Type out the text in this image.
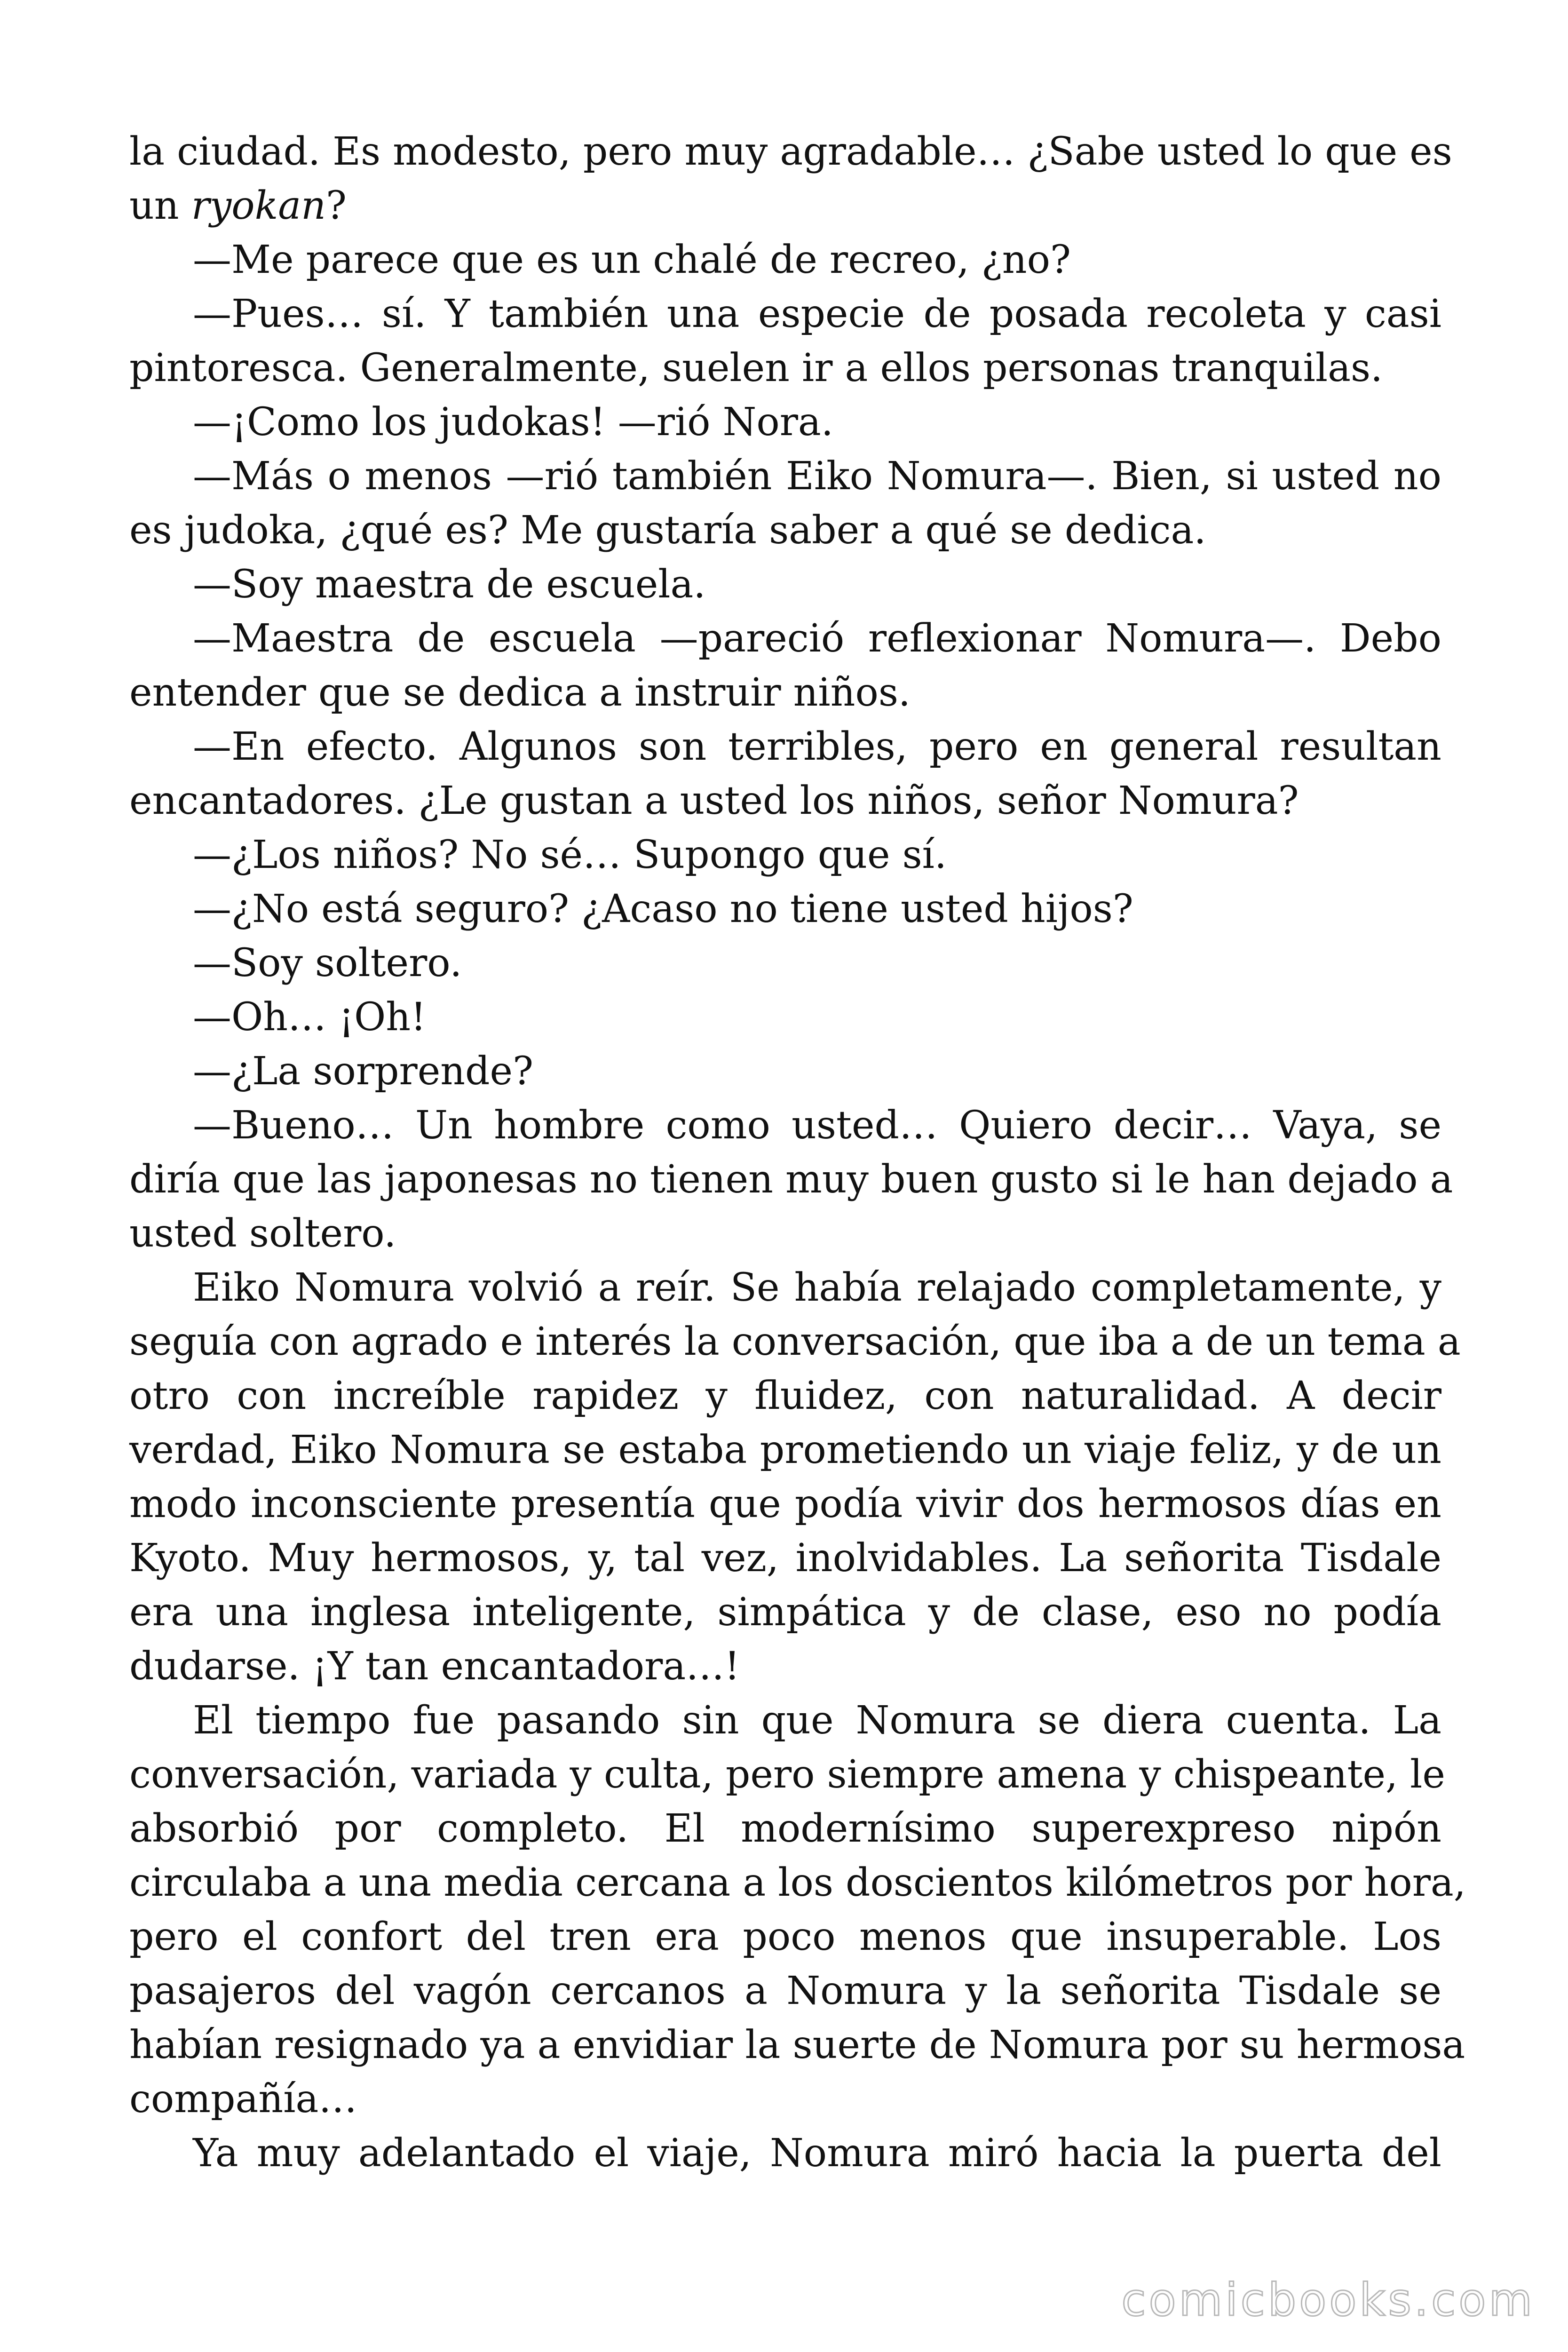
la ciudad. Es modesto, pero muy agradable… ¿Sabe usted lo que es
un ryokan?
—Me parece que es un chalé de recreo, ¿no?
—Pues… sí. Y también una especie de posada recoleta y casi
pintoresca. Generalmente, suelen ir a ellos personas tranquilas.
—¡Como los judokas! —rió Nora.
—Más o menos —rió también Eiko Nomura—. Bien, si usted no
es judoka, ¿qué es? Me gustaría saber a qué se dedica.
—Soy maestra de escuela.
—Maestra de escuela —pareció reflexionar Nomura—. Debo
entender que se dedica a instruir niños.
—En efecto. Algunos son terribles, pero en general resultan
encantadores. ¿Le gustan a usted los niños, señor Nomura?
—¿Los niños? No sé… Supongo que sí.
—¿No está seguro? ¿Acaso no tiene usted hijos?
—Soy soltero.
—Oh… ¡Oh!
—¿La sorprende?
—Bueno… Un hombre como usted… Quiero decir… Vaya, se
diría que las japonesas no tienen muy buen gusto si le han dejado a
usted soltero.
Eiko Nomura volvió a reír. Se había relajado completamente, y
seguía con agrado e interés la conversación, que iba a de un tema a
otro con increíble rapidez y fluidez, con naturalidad. A decir
verdad, Eiko Nomura se estaba prometiendo un viaje feliz, y de un
modo inconsciente presentía que podía vivir dos hermosos días en
Kyoto. Muy hermosos, y, tal vez, inolvidables. La señorita Tisdale
era una inglesa inteligente, simpática y de clase, eso no podía
dudarse. ¡Y tan encantadora…!
El tiempo fue pasando sin que Nomura se diera cuenta. La
conversación, variada y culta, pero siempre amena y chispeante, le
absorbió por completo. El modernísimo superexpreso nipón
circulaba a una media cercana a los doscientos kilómetros por hora,
pero el confort del tren era poco menos que insuperable. Los
pasajeros del vagón cercanos a Nomura y la señorita Tisdale se
habían resignado ya a envidiar la suerte de Nomura por su hermosa
compañía…
Ya muy adelantado el viaje, Nomura miró hacia la puerta del
comicbooks.com
